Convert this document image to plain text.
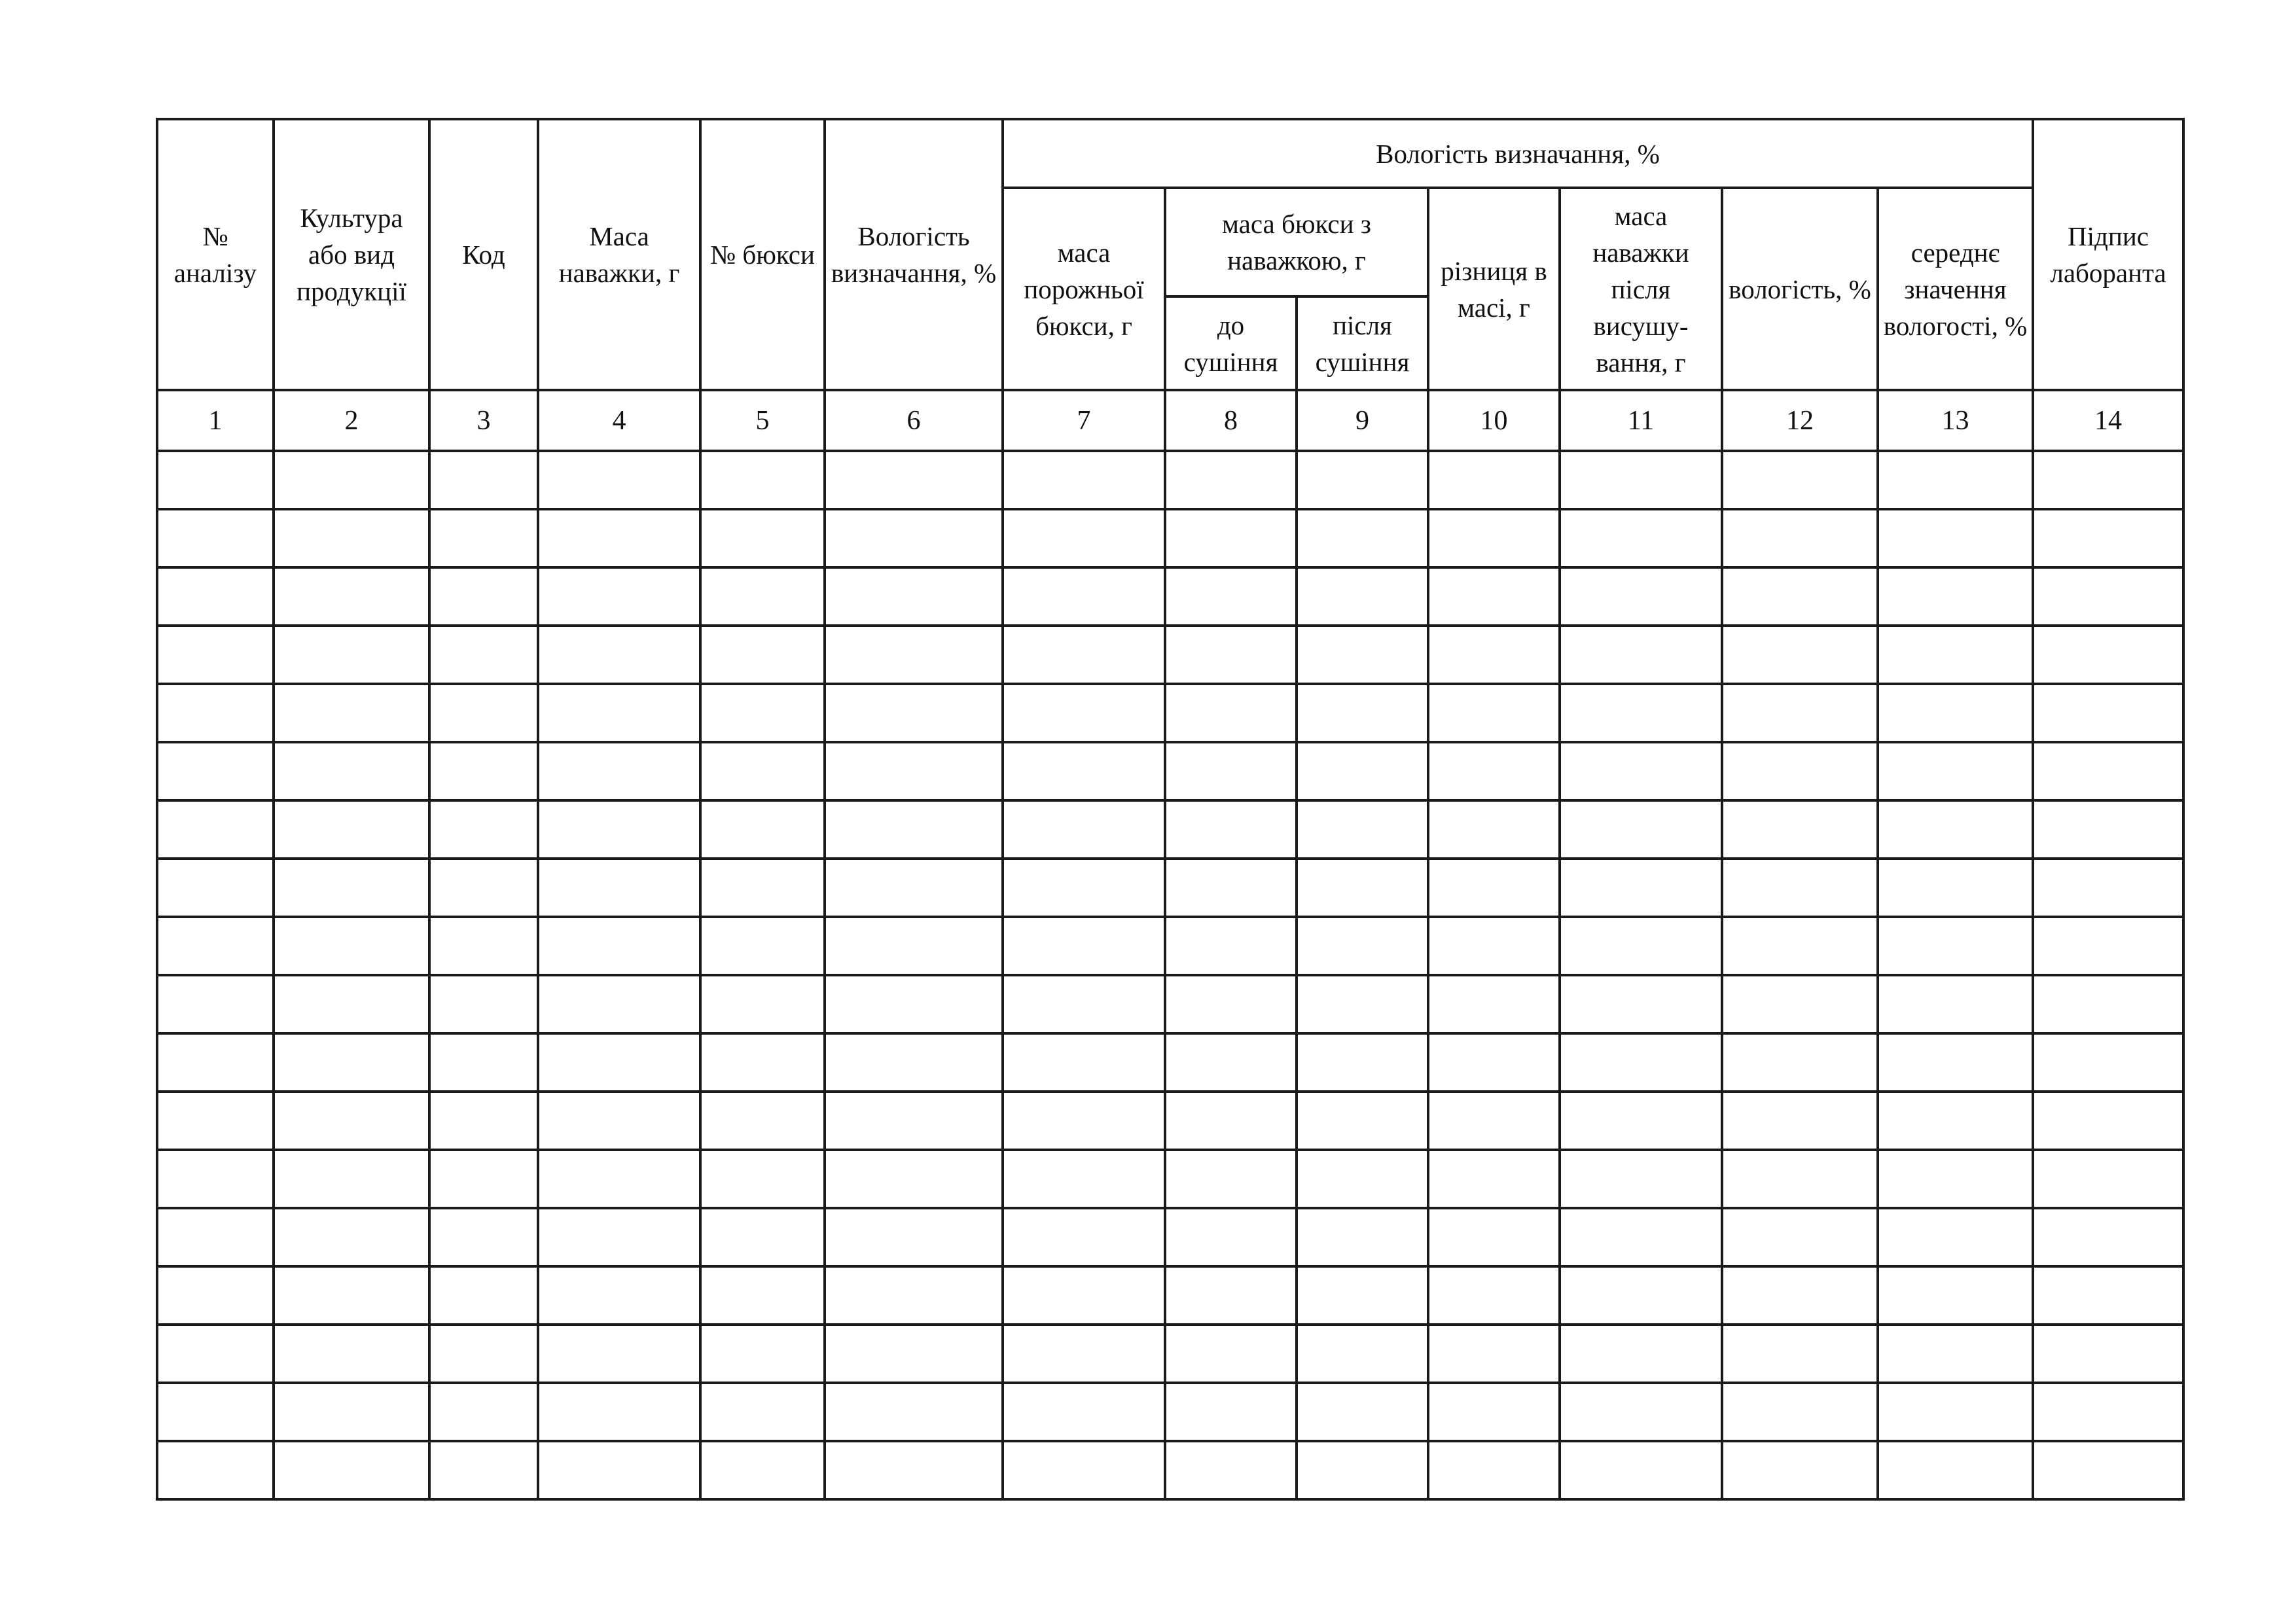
№ аналізу	Культура або вид продукції	Код	Маса наважки, г	№ бюкси	Вологість визначання, %	Вологість визначання, %							Підпис лаборанта
						маса порожньої бюкси, г	маса бюкси з наважкою, г		різниця в масі, г	маса наважки після висушу-вання, г	вологість, %	середнє значення вологості, %	
							до сушіння	після сушіння					
1	2	3	4	5	6	7	8	9	10	11	12	13	14
